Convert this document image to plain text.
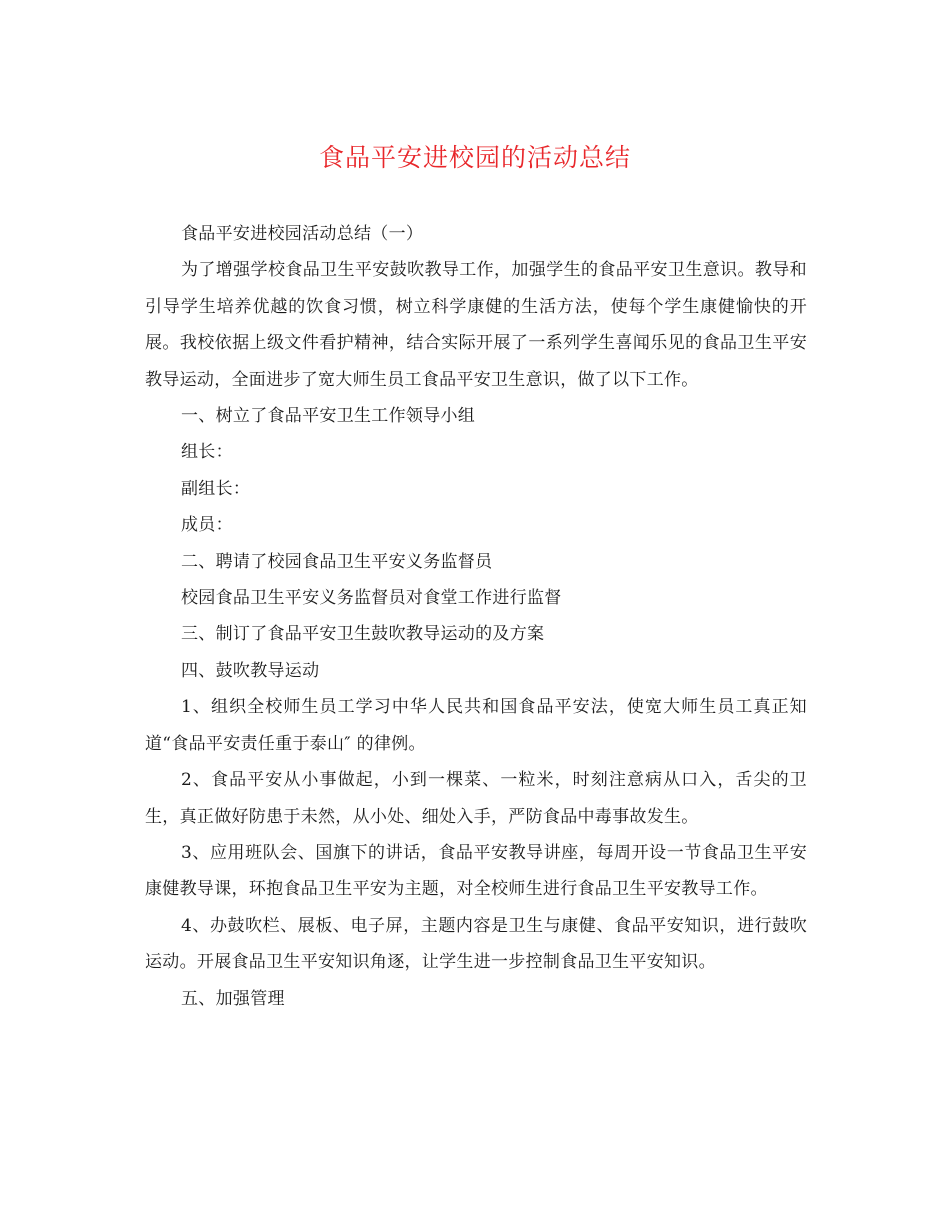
食品平安进校园的活动总结

食品平安进校园活动总结（一）

为了增强学校食品卫生平安鼓吹教导工作，加强学生的食品平安卫生意识。教导和引导学生培养优越的饮食习惯，树立科学康健的生活方法，使每个学生康健愉快的开展。我校依据上级文件看护精神，结合实际开展了一系列学生喜闻乐见的食品卫生平安教导运动，全面进步了宽大师生员工食品平安卫生意识，做了以下工作。

一、树立了食品平安卫生工作领导小组

组长：

副组长：

成员：

二、聘请了校园食品卫生平安义务监督员

校园食品卫生平安义务监督员对食堂工作进行监督

三、制订了食品平安卫生鼓吹教导运动的及方案

四、鼓吹教导运动

1、组织全校师生员工学习中华人民共和国食品平安法，使宽大师生员工真正知道“食品平安责任重于泰山″ 的律例。

2、食品平安从小事做起，小到一棵菜、一粒米，时刻注意病从口入，舌尖的卫生，真正做好防患于未然，从小处、细处入手，严防食品中毒事故发生。

3、应用班队会、国旗下的讲话，食品平安教导讲座，每周开设一节食品卫生平安康健教导课，环抱食品卫生平安为主题，对全校师生进行食品卫生平安教导工作。

4、办鼓吹栏、展板、电子屏，主题内容是卫生与康健、食品平安知识，进行鼓吹运动。开展食品卫生平安知识角逐，让学生进一步控制食品卫生平安知识。

五、加强管理
